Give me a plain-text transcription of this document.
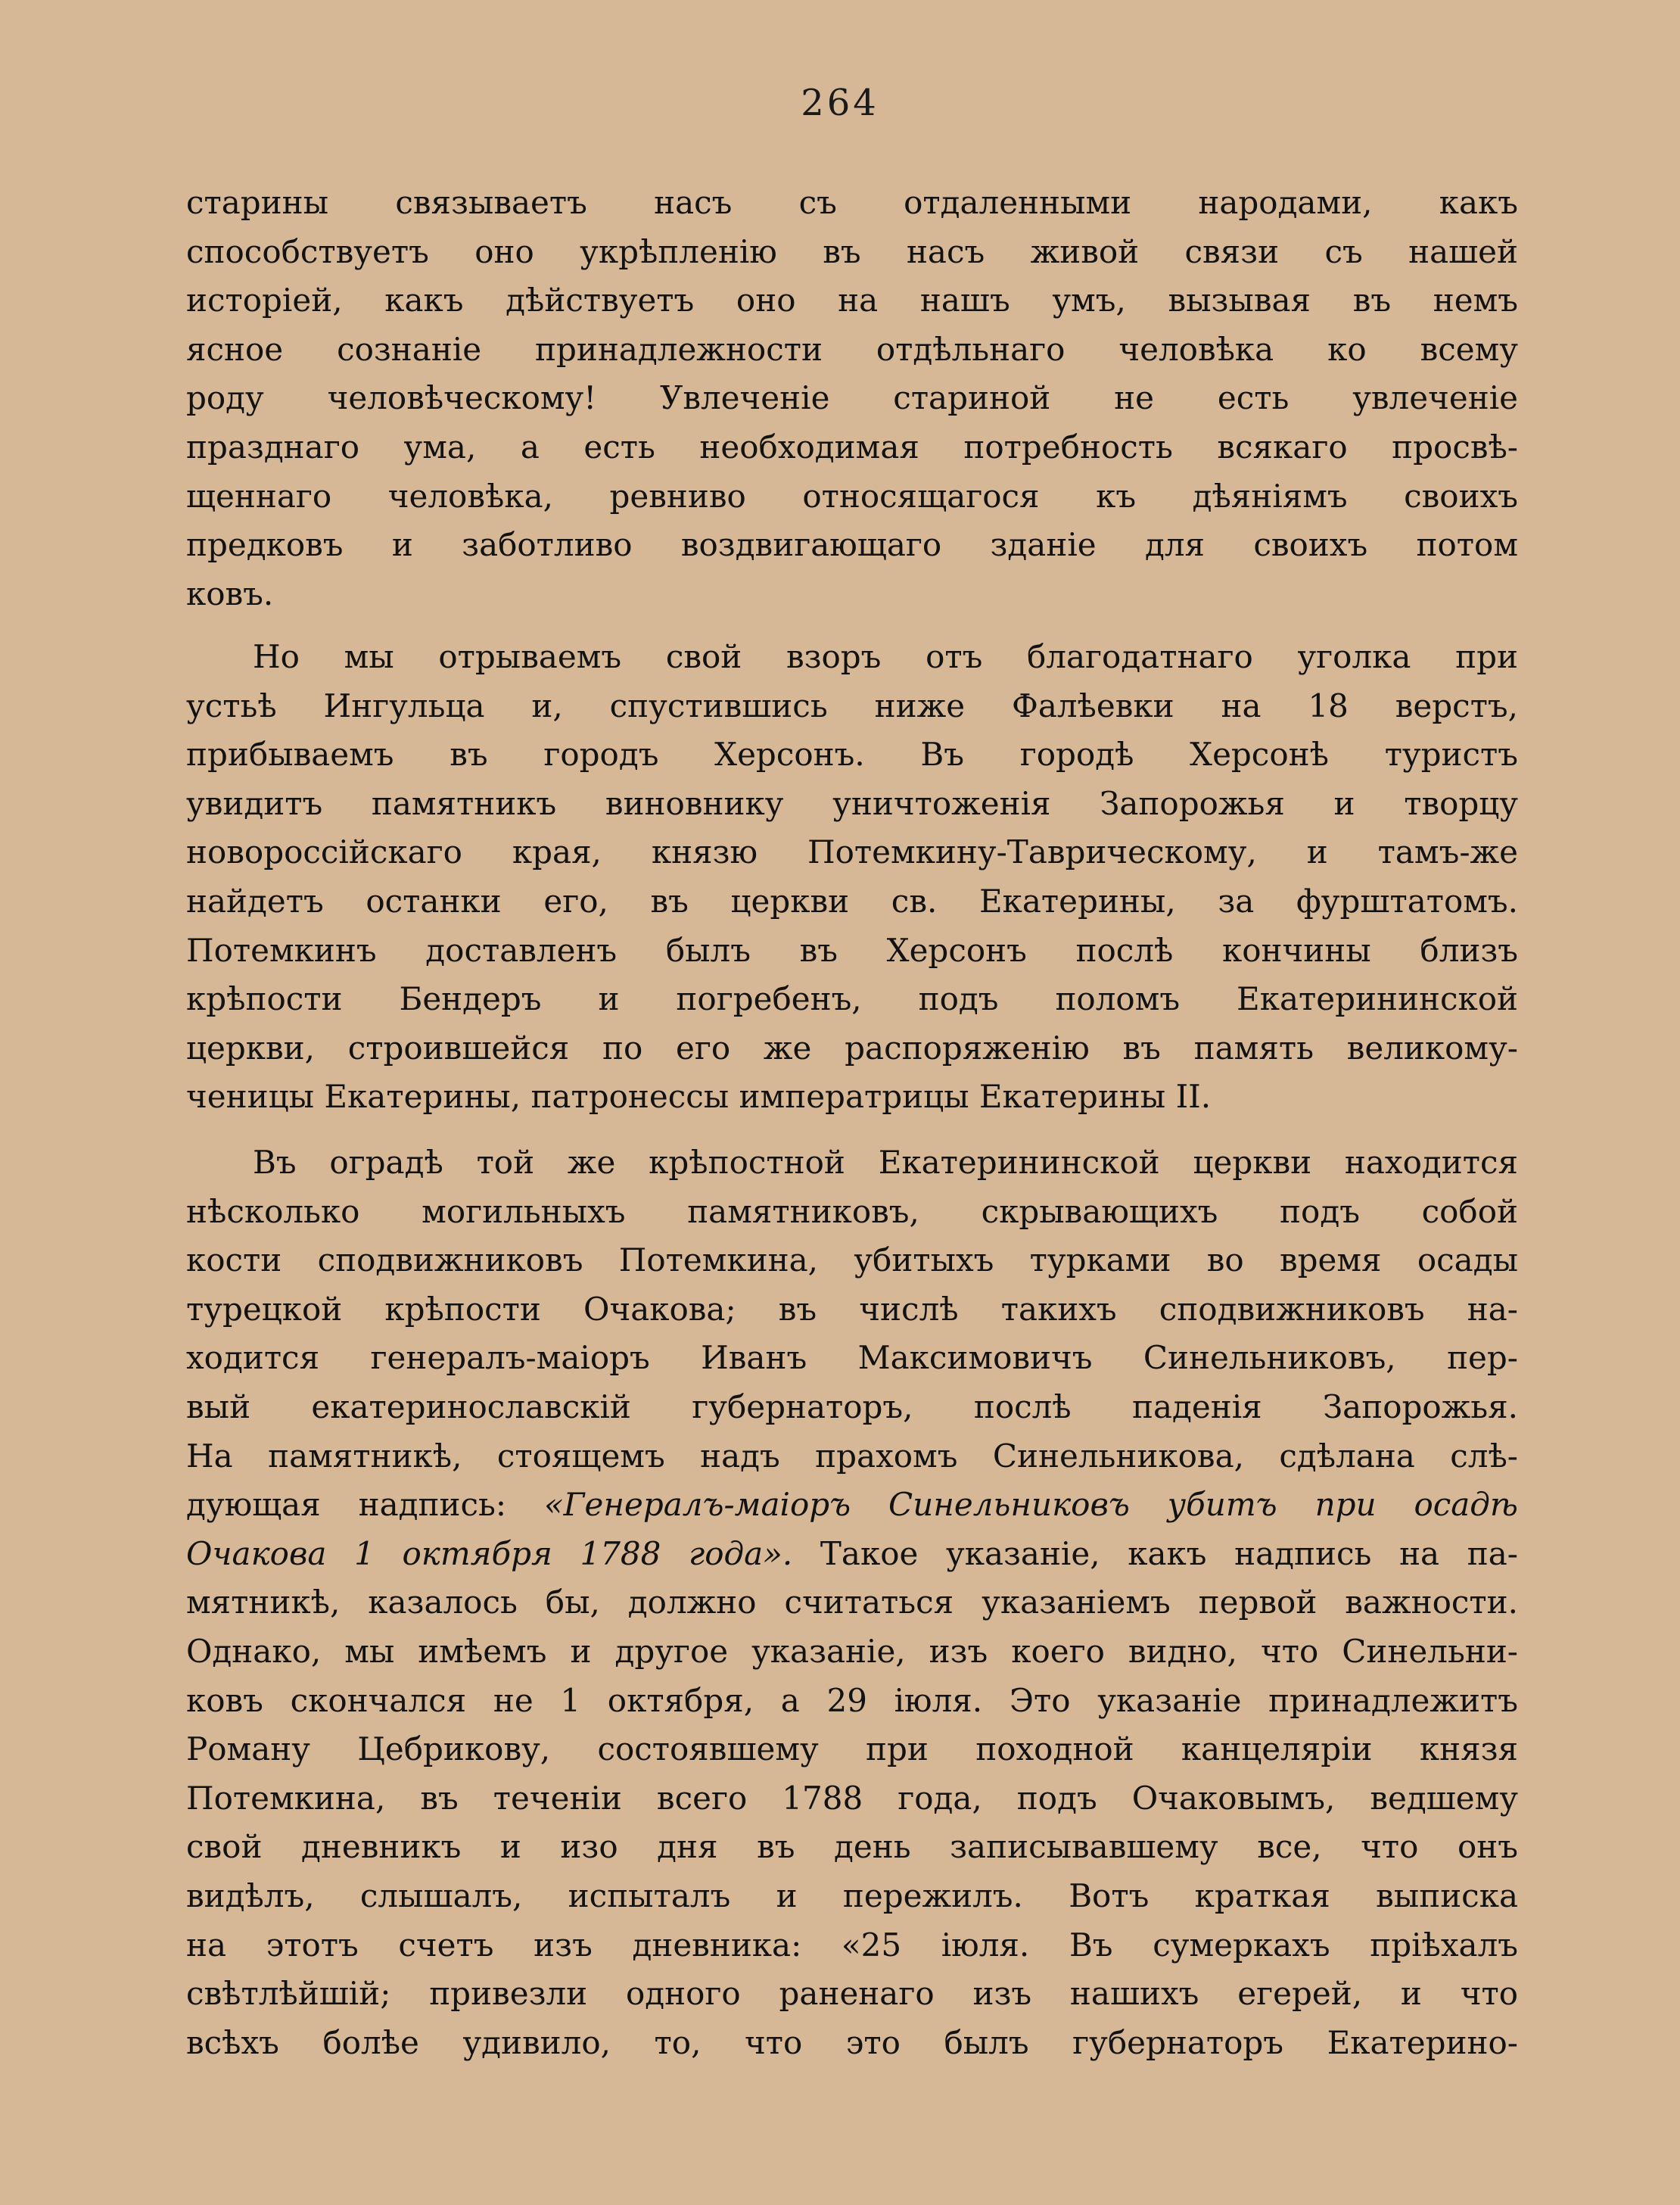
264
старины связываетъ насъ съ отдаленными народами, какъ
способствуетъ оно укрѣпленію въ насъ живой связи съ нашей
исторіей, какъ дѣйствуетъ оно на нашъ умъ, вызывая въ немъ
ясное сознаніе принадлежности отдѣльнаго человѣка ко всему
роду человѣческому! Увлеченіе стариной не есть увлеченіе
празднаго ума, а есть необходимая потребность всякаго просвѣ-
щеннаго человѣка, ревниво относящагося къ дѣяніямъ своихъ
предковъ и заботливо воздвигающаго зданіе для своихъ потом
ковъ.
Но мы отрываемъ свой взоръ отъ благодатнаго уголка при
устьѣ Ингульца и, спустившись ниже Фалѣевки на 18 верстъ,
прибываемъ въ городъ Херсонъ. Въ городѣ Херсонѣ туристъ
увидитъ памятникъ виновнику уничтоженія Запорожья и творцу
новороссійскаго края, князю Потемкину-Таврическому, и тамъ-же
найдетъ останки его, въ церкви св. Екатерины, за фурштатомъ.
Потемкинъ доставленъ былъ въ Херсонъ послѣ кончины близъ
крѣпости Бендеръ и погребенъ, подъ поломъ Екатерининской
церкви, строившейся по его же распоряженію въ память великому-
ченицы Екатерины, патронессы императрицы Екатерины II.
Въ оградѣ той же крѣпостной Екатерининской церкви находится
нѣсколько могильныхъ памятниковъ, скрывающихъ подъ собой
кости сподвижниковъ Потемкина, убитыхъ турками во время осады
турецкой крѣпости Очакова; въ числѣ такихъ сподвижниковъ на-
ходится генералъ-маіоръ Иванъ Максимовичъ Синельниковъ, пер-
вый екатеринославскій губернаторъ, послѣ паденія Запорожья.
На памятникѣ, стоящемъ надъ прахомъ Синельникова, сдѣлана слѣ-
дующая надпись: «Генералъ-маіоръ Синельниковъ убитъ при осадѣ
Очакова 1 октября 1788 года». Такое указаніе, какъ надпись на па-
мятникѣ, казалось бы, должно считаться указаніемъ первой важности.
Однако, мы имѣемъ и другое указаніе, изъ коего видно, что Синельни-
ковъ скончался не 1 октября, а 29 іюля. Это указаніе принадлежитъ
Роману Цебрикову, состоявшему при походной канцеляріи князя
Потемкина, въ теченіи всего 1788 года, подъ Очаковымъ, ведшему
свой дневникъ и изо дня въ день записывавшему все, что онъ
видѣлъ, слышалъ, испыталъ и пережилъ. Вотъ краткая выписка
на этотъ счетъ изъ дневника: «25 іюля. Въ сумеркахъ пріѣхалъ
свѣтлѣйшій; привезли одного раненаго изъ нашихъ егерей, и что
всѣхъ болѣе удивило, то, что это былъ губернаторъ Екатерино-
